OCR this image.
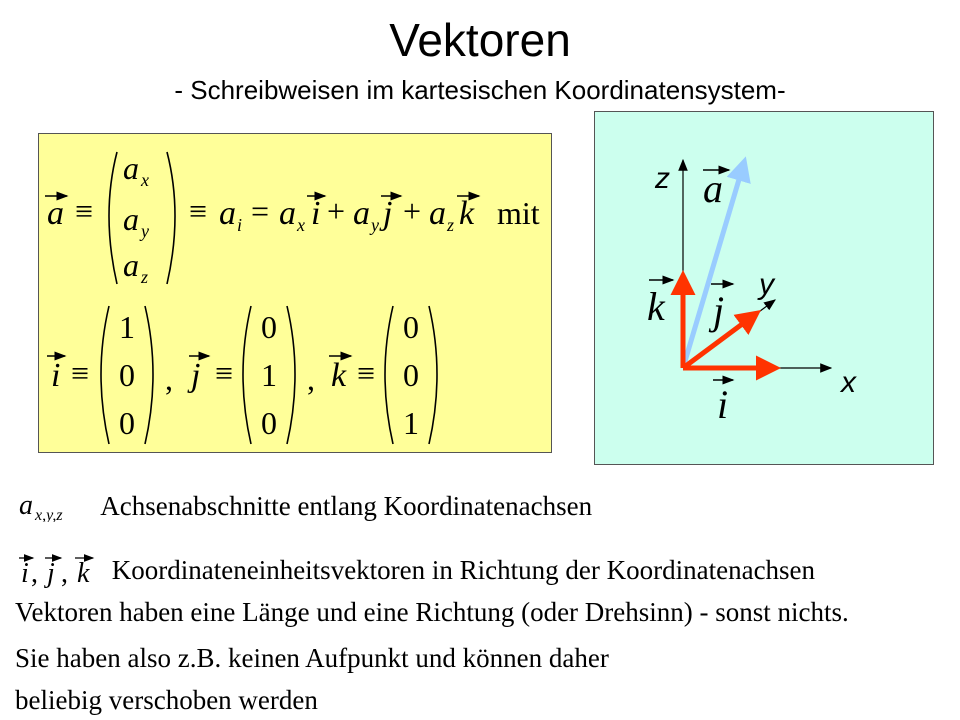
Vektoren
- Schreibweisen im kartesischen Koordinatensystem-
a ≡
a x
a y
a z
≡ a i = a x i + a y j + a z k mit
i ≡
1
0
0
, j ≡
0
1
0
, k ≡
0
0
1
z
y
x
a
k j
i
a x,y,z Achsenabschnitte entlang Koordinatenachsen
i , j , k Koordinateneinheitsvektoren in Richtung der Koordinatenachsen
Vektoren haben eine Länge und eine Richtung (oder Drehsinn) - sonst nichts.
Sie haben also z.B. keinen Aufpunkt und können daher
beliebig verschoben werden
